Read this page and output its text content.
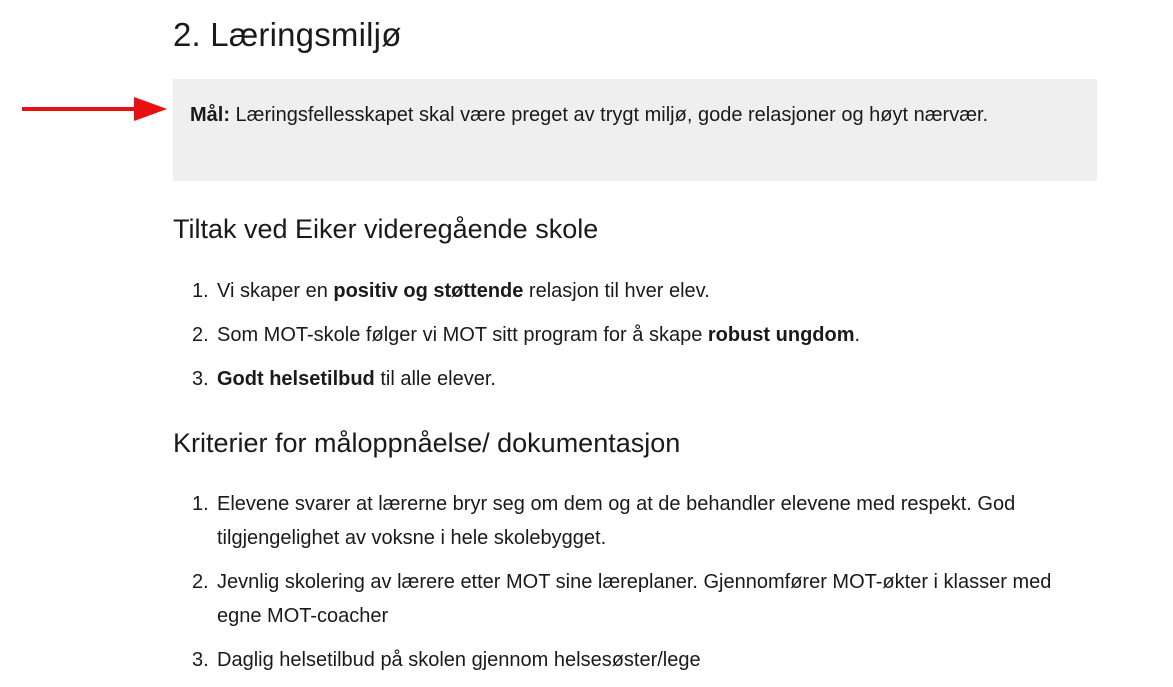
2. Læringsmiljø
Mål: Læringsfellesskapet skal være preget av trygt miljø, gode relasjoner og høyt nærvær.
Tiltak ved Eiker videregående skole
1. Vi skaper en positiv og støttende relasjon til hver elev.
2. Som MOT-skole følger vi MOT sitt program for å skape robust ungdom.
3. Godt helsetilbud til alle elever.
Kriterier for måloppnåelse/ dokumentasjon
1. Elevene svarer at lærerne bryr seg om dem og at de behandler elevene med respekt. God tilgjengelighet av voksne i hele skolebygget.
2. Jevnlig skolering av lærere etter MOT sine læreplaner. Gjennomfører MOT-økter i klasser med egne MOT-coacher
3. Daglig helsetilbud på skolen gjennom helsesøster/lege
